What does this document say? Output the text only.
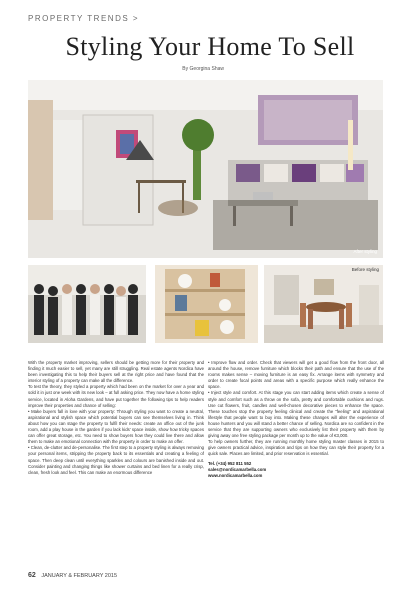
PROPERTY TRENDS >
Styling Your Home To Sell
By Georgina Shaw
After styling
Before styling

With the property market improving, sellers should be getting more for their property and finding it much easier to sell, yet many are still struggling. Real estate agents Nordica have been investigating this to help their buyers sell at the right price and have found that the interior styling of a property can make all the difference.

To test the theory, they styled a property which had been on the market for over a year and sold it in just one week with its new look – at full asking price. They now have a home styling service, located in Aloha Gardens, and have put together the following tips to help readers improve their properties and chance of selling:

• Make buyers fall in love with your property: Through styling you want to create a neutral, aspirational and stylish space which potential buyers can see themselves living in. Think about how you can stage the property to fulfil their needs: create an office out of the junk room, add a play house in the garden if you lack kids' space inside, show how tricky spaces can offer great storage, etc. You need to show buyers how they could live there and allow them to make an emotional connection with the property in order to make an offer.

• Clean, de-clutter and de-personalise. The first step to a property styling is always removing your personal items, stripping the property back to its essentials and creating a feeling of space. Then deep clean until everything sparkles and colours are banished inside and out. Consider painting and changing things like shower curtains and bed linen for a really crisp, clean, fresh look and feel. This can make an enormous difference

• Improve flow and order. Check that viewers will get a good flow from the front door, all around the house, remove furniture which blocks their path and ensure that the use of the rooms makes sense – moving furniture is an easy fix. Arrange items with symmetry and order to create focal points and areas with a specific purpose which really enhance the space.

• Inject style and comfort. At this stage you can start adding items which create a sense of style and comfort such as a throw on the sofa, pretty and comfortable cushions and rugs. Use cut flowers, fruit, candles and well-chosen decorative pieces to enhance the space. These touches stop the property feeling clinical and create the "feeling" and aspirational lifestyle that people want to buy into. Making these changes will alter the experience of house hunters and you will stand a better chance of selling. Nordica are so confident in the service that they are supporting owners who exclusively list their property with them by giving away one free styling package per month up to the value of €3,000.

To help owners further, they are running monthly home styling master classes in 2015 to give owners practical advice, inspiration and tips on how they can style their property for a quick sale. Places are limited, and prior reservation is essential.

Tel. (+34) 952 811 552

sales@nordicamarbella.com

www.nordicamarbella.com

62 JANUARY & FEBRUARY 2015
